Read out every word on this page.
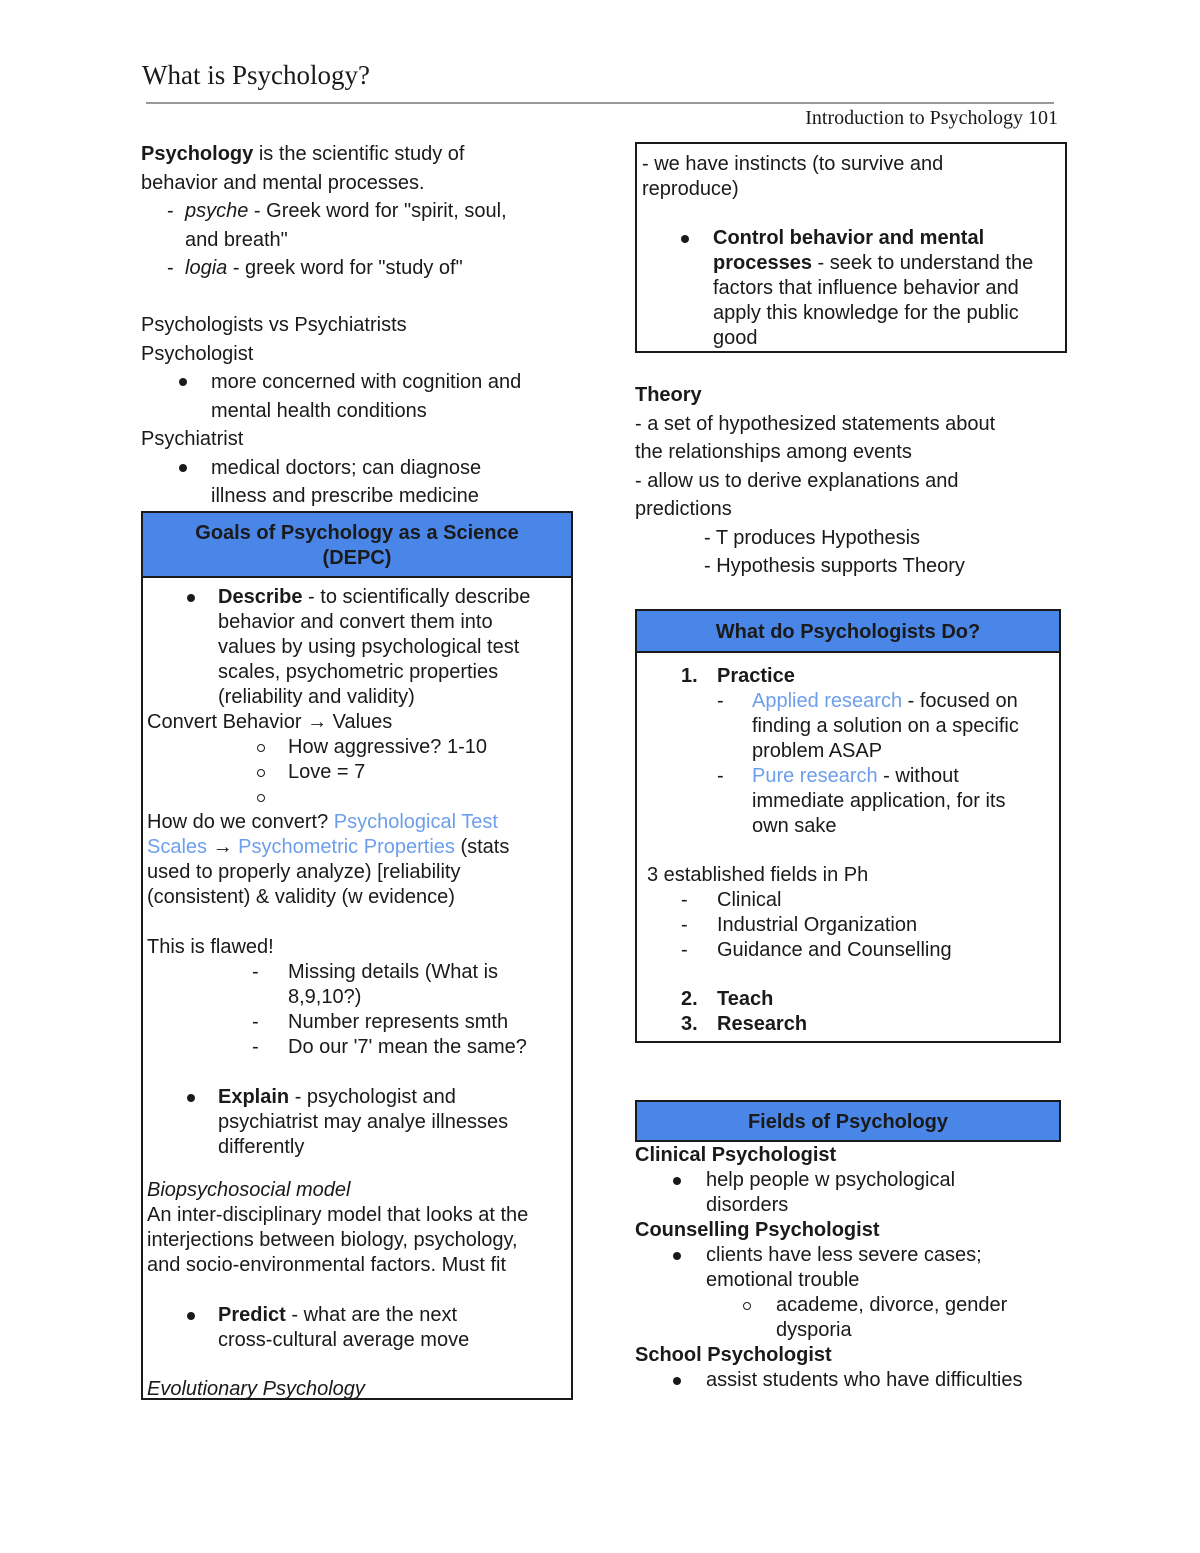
What is Psychology?
Introduction to Psychology 101
Psychology is the scientific study of
behavior and mental processes.
- psyche - Greek word for "spirit, soul,
and breath"
- logia - greek word for "study of"
Psychologists vs Psychiatrists
Psychologist
more concerned with cognition and
mental health conditions
Psychiatrist
medical doctors; can diagnose
illness and prescribe medicine
Goals of Psychology as a Science
(DEPC)
Describe - to scientifically describe
behavior and convert them into
values by using psychological test
scales, psychometric properties
(reliability and validity)
Convert Behavior → Values
How aggressive? 1-10
Love = 7
How do we convert? Psychological Test
Scales → Psychometric Properties (stats
used to properly analyze) [reliability
(consistent) & validity (w evidence)
This is flawed!
- Missing details (What is
8,9,10?)
- Number represents smth
- Do our '7' mean the same?
Explain - psychologist and
psychiatrist may analye illnesses
differently
Biopsychosocial model
An inter-disciplinary model that looks at the
interjections between biology, psychology,
and socio-environmental factors. Must fit
Predict - what are the next
cross-cultural average move
Evolutionary Psychology
- we have instincts (to survive and
reproduce)
Control behavior and mental
processes - seek to understand the
factors that influence behavior and
apply this knowledge for the public
good
Theory
- a set of hypothesized statements about
the relationships among events
- allow us to derive explanations and
predictions
- T produces Hypothesis
- Hypothesis supports Theory
What do Psychologists Do?
1. Practice
- Applied research - focused on
finding a solution on a specific
problem ASAP
- Pure research - without
immediate application, for its
own sake
3 established fields in Ph
- Clinical
- Industrial Organization
- Guidance and Counselling
2. Teach
3. Research
Fields of Psychology
Clinical Psychologist
help people w psychological
disorders
Counselling Psychologist
clients have less severe cases;
emotional trouble
academe, divorce, gender
dysporia
School Psychologist
assist students who have difficulties
